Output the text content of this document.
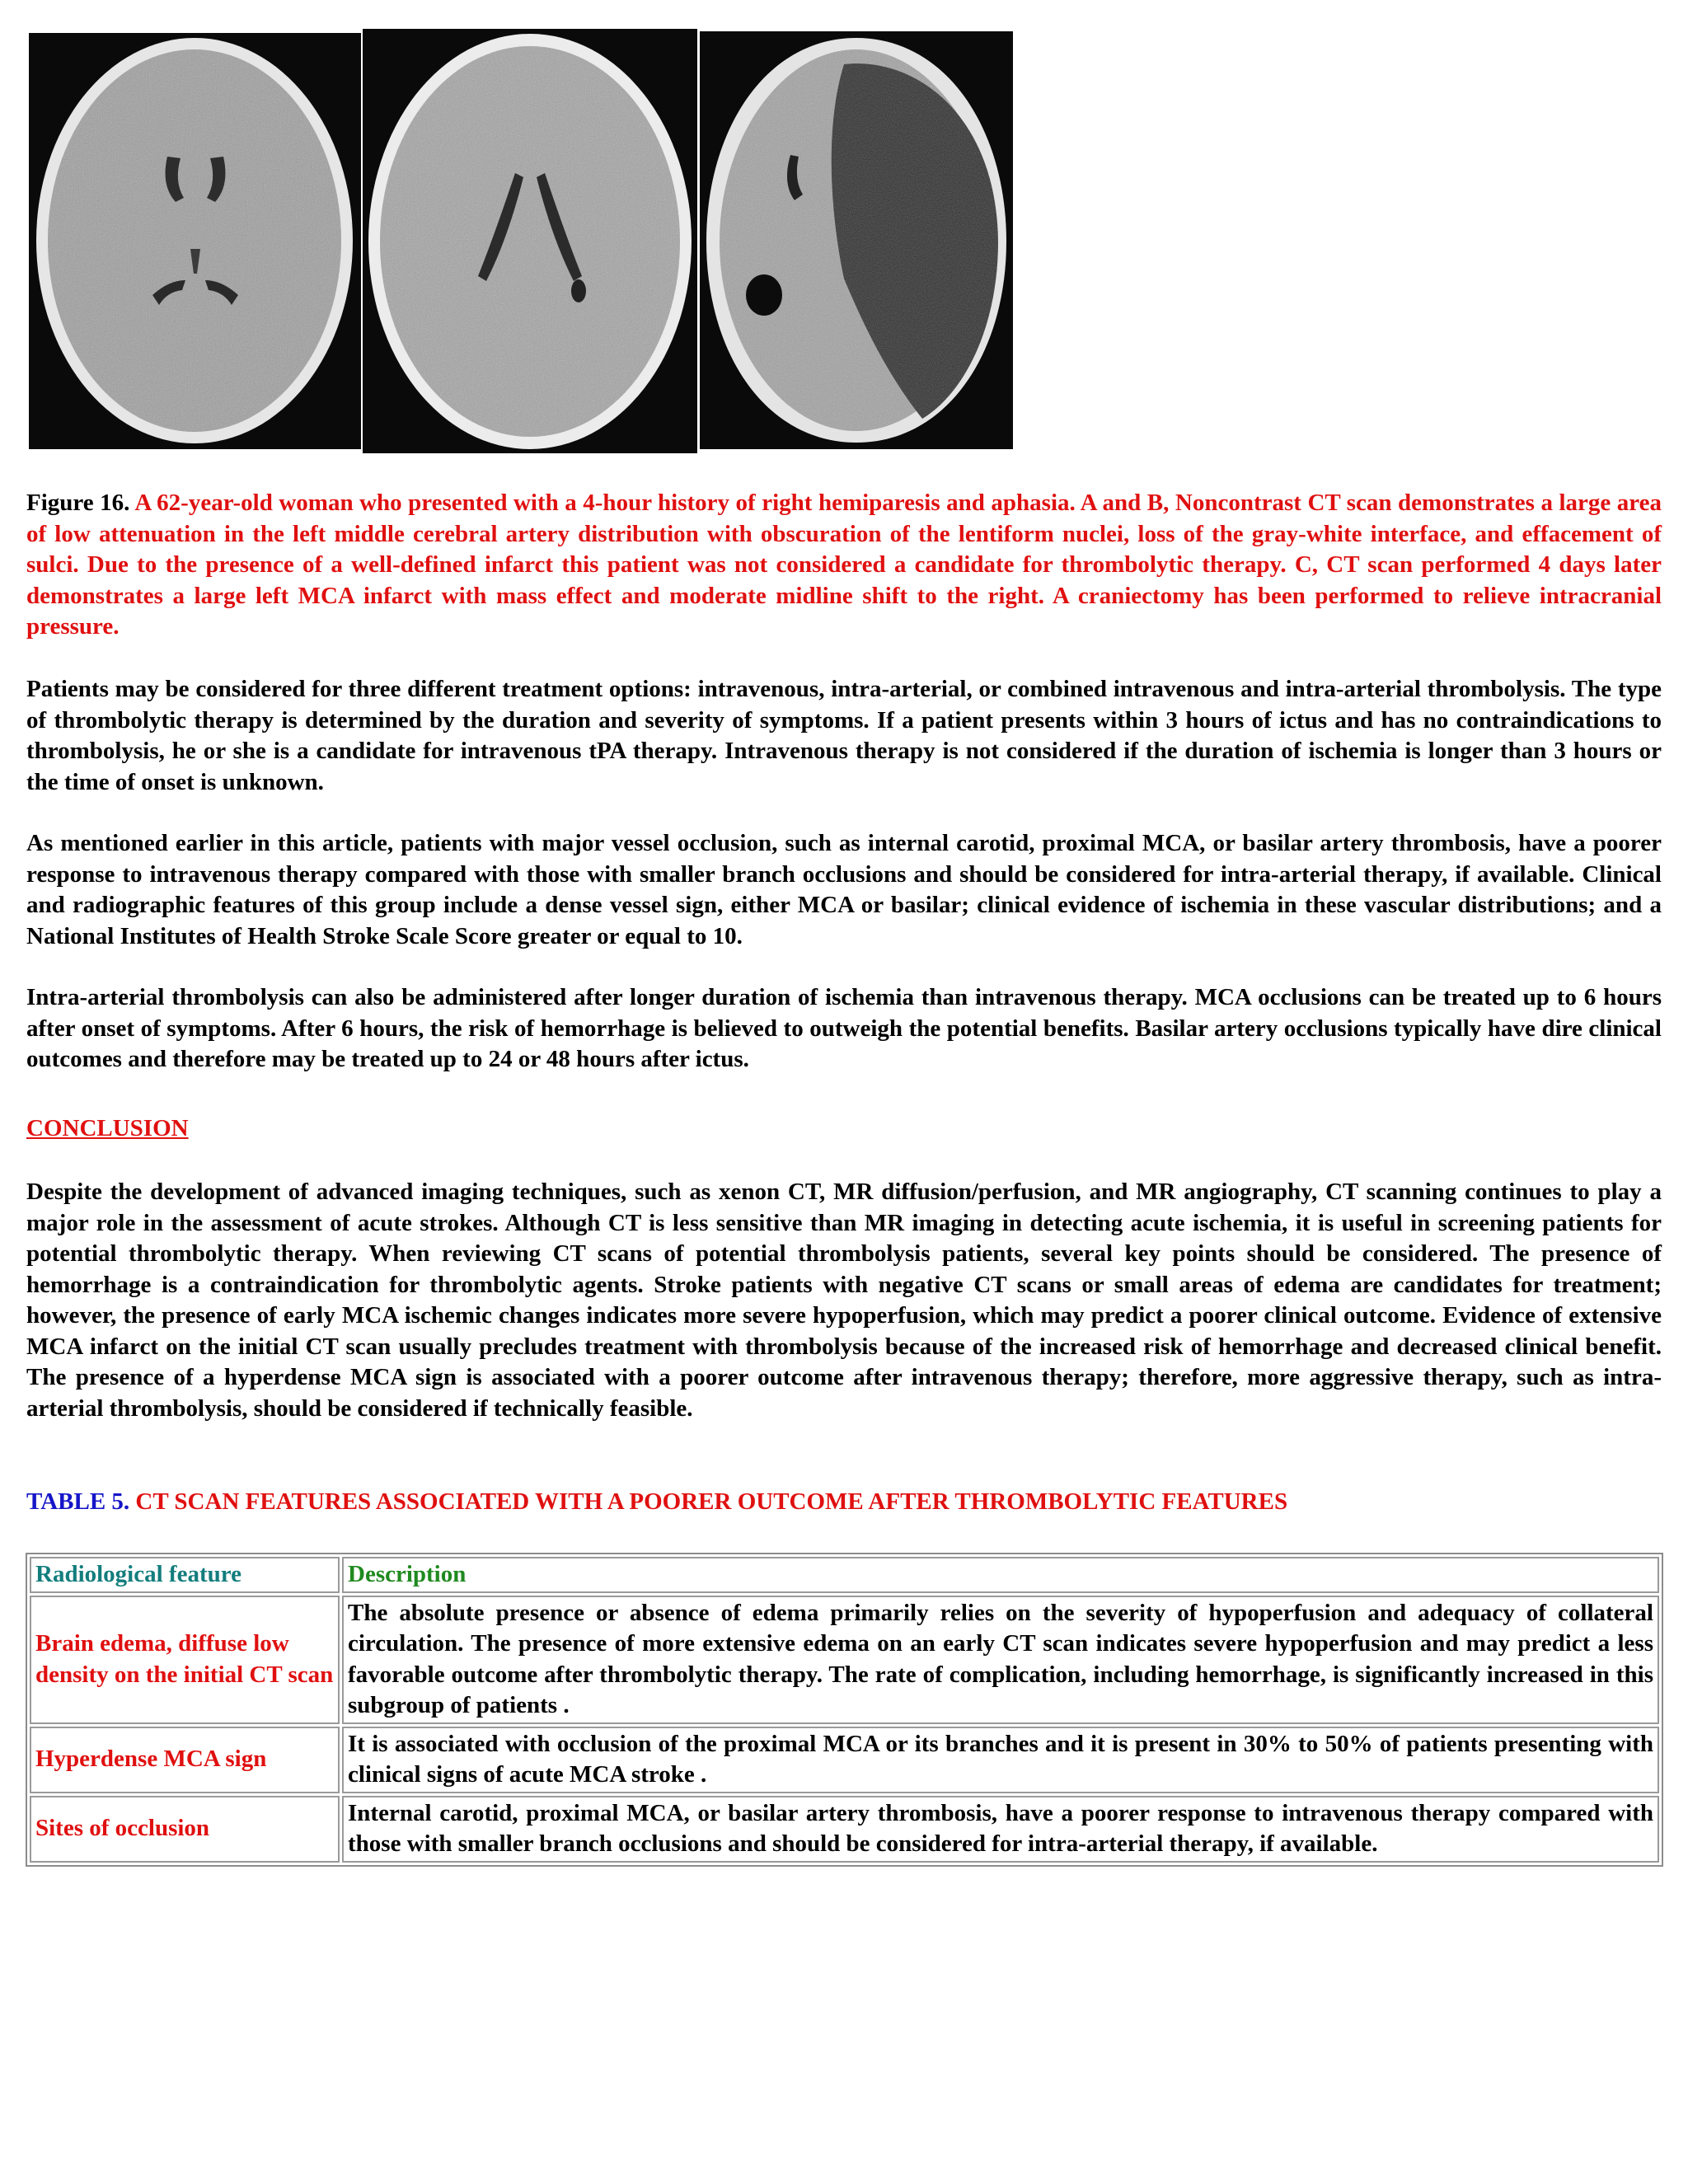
Figure 16. A 62-year-old woman who presented with a 4-hour history of right hemiparesis and aphasia. A and B, Noncontrast CT scan demonstrates a large area of low attenuation in the left middle cerebral artery distribution with obscuration of the lentiform nuclei, loss of the gray-white interface, and effacement of sulci. Due to the presence of a well-defined infarct this patient was not considered a candidate for thrombolytic therapy. C, CT scan performed 4 days later demonstrates a large left MCA infarct with mass effect and moderate midline shift to the right. A craniectomy has been performed to relieve intracranial pressure.

Patients may be considered for three different treatment options: intravenous, intra-arterial, or combined intravenous and intra-arterial thrombolysis. The type of thrombolytic therapy is determined by the duration and severity of symptoms. If a patient presents within 3 hours of ictus and has no contraindications to thrombolysis, he or she is a candidate for intravenous tPA therapy. Intravenous therapy is not considered if the duration of ischemia is longer than 3 hours or the time of onset is unknown.

As mentioned earlier in this article, patients with major vessel occlusion, such as internal carotid, proximal MCA, or basilar artery thrombosis, have a poorer response to intravenous therapy compared with those with smaller branch occlusions and should be considered for intra-arterial therapy, if available. Clinical and radiographic features of this group include a dense vessel sign, either MCA or basilar; clinical evidence of ischemia in these vascular distributions; and a National Institutes of Health Stroke Scale Score greater or equal to 10.

Intra-arterial thrombolysis can also be administered after longer duration of ischemia than intravenous therapy. MCA occlusions can be treated up to 6 hours after onset of symptoms. After 6 hours, the risk of hemorrhage is believed to outweigh the potential benefits. Basilar artery occlusions typically have dire clinical outcomes and therefore may be treated up to 24 or 48 hours after ictus.

CONCLUSION

Despite the development of advanced imaging techniques, such as xenon CT, MR diffusion/perfusion, and MR angiography, CT scanning continues to play a major role in the assessment of acute strokes. Although CT is less sensitive than MR imaging in detecting acute ischemia, it is useful in screening patients for potential thrombolytic therapy. When reviewing CT scans of potential thrombolysis patients, several key points should be considered. The presence of hemorrhage is a contraindication for thrombolytic agents. Stroke patients with negative CT scans or small areas of edema are candidates for treatment; however, the presence of early MCA ischemic changes indicates more severe hypoperfusion, which may predict a poorer clinical outcome. Evidence of extensive MCA infarct on the initial CT scan usually precludes treatment with thrombolysis because of the increased risk of hemorrhage and decreased clinical benefit. The presence of a hyperdense MCA sign is associated with a poorer outcome after intravenous therapy; therefore, more aggressive therapy, such as intra-arterial thrombolysis, should be considered if technically feasible.

TABLE 5. CT SCAN FEATURES ASSOCIATED WITH A POORER OUTCOME AFTER THROMBOLYTIC FEATURES

Radiological feature	Description
Brain edema, diffuse low density on the initial CT scan	The absolute presence or absence of edema primarily relies on the severity of hypoperfusion and adequacy of collateral circulation. The presence of more extensive edema on an early CT scan indicates severe hypoperfusion and may predict a less favorable outcome after thrombolytic therapy. The rate of complication, including hemorrhage, is significantly increased in this subgroup of patients .
Hyperdense MCA sign	It is associated with occlusion of the proximal MCA or its branches and it is present in 30% to 50% of patients presenting with clinical signs of acute MCA stroke .
Sites of occlusion	Internal carotid, proximal MCA, or basilar artery thrombosis, have a poorer response to intravenous therapy compared with those with smaller branch occlusions and should be considered for intra-arterial therapy, if available.
